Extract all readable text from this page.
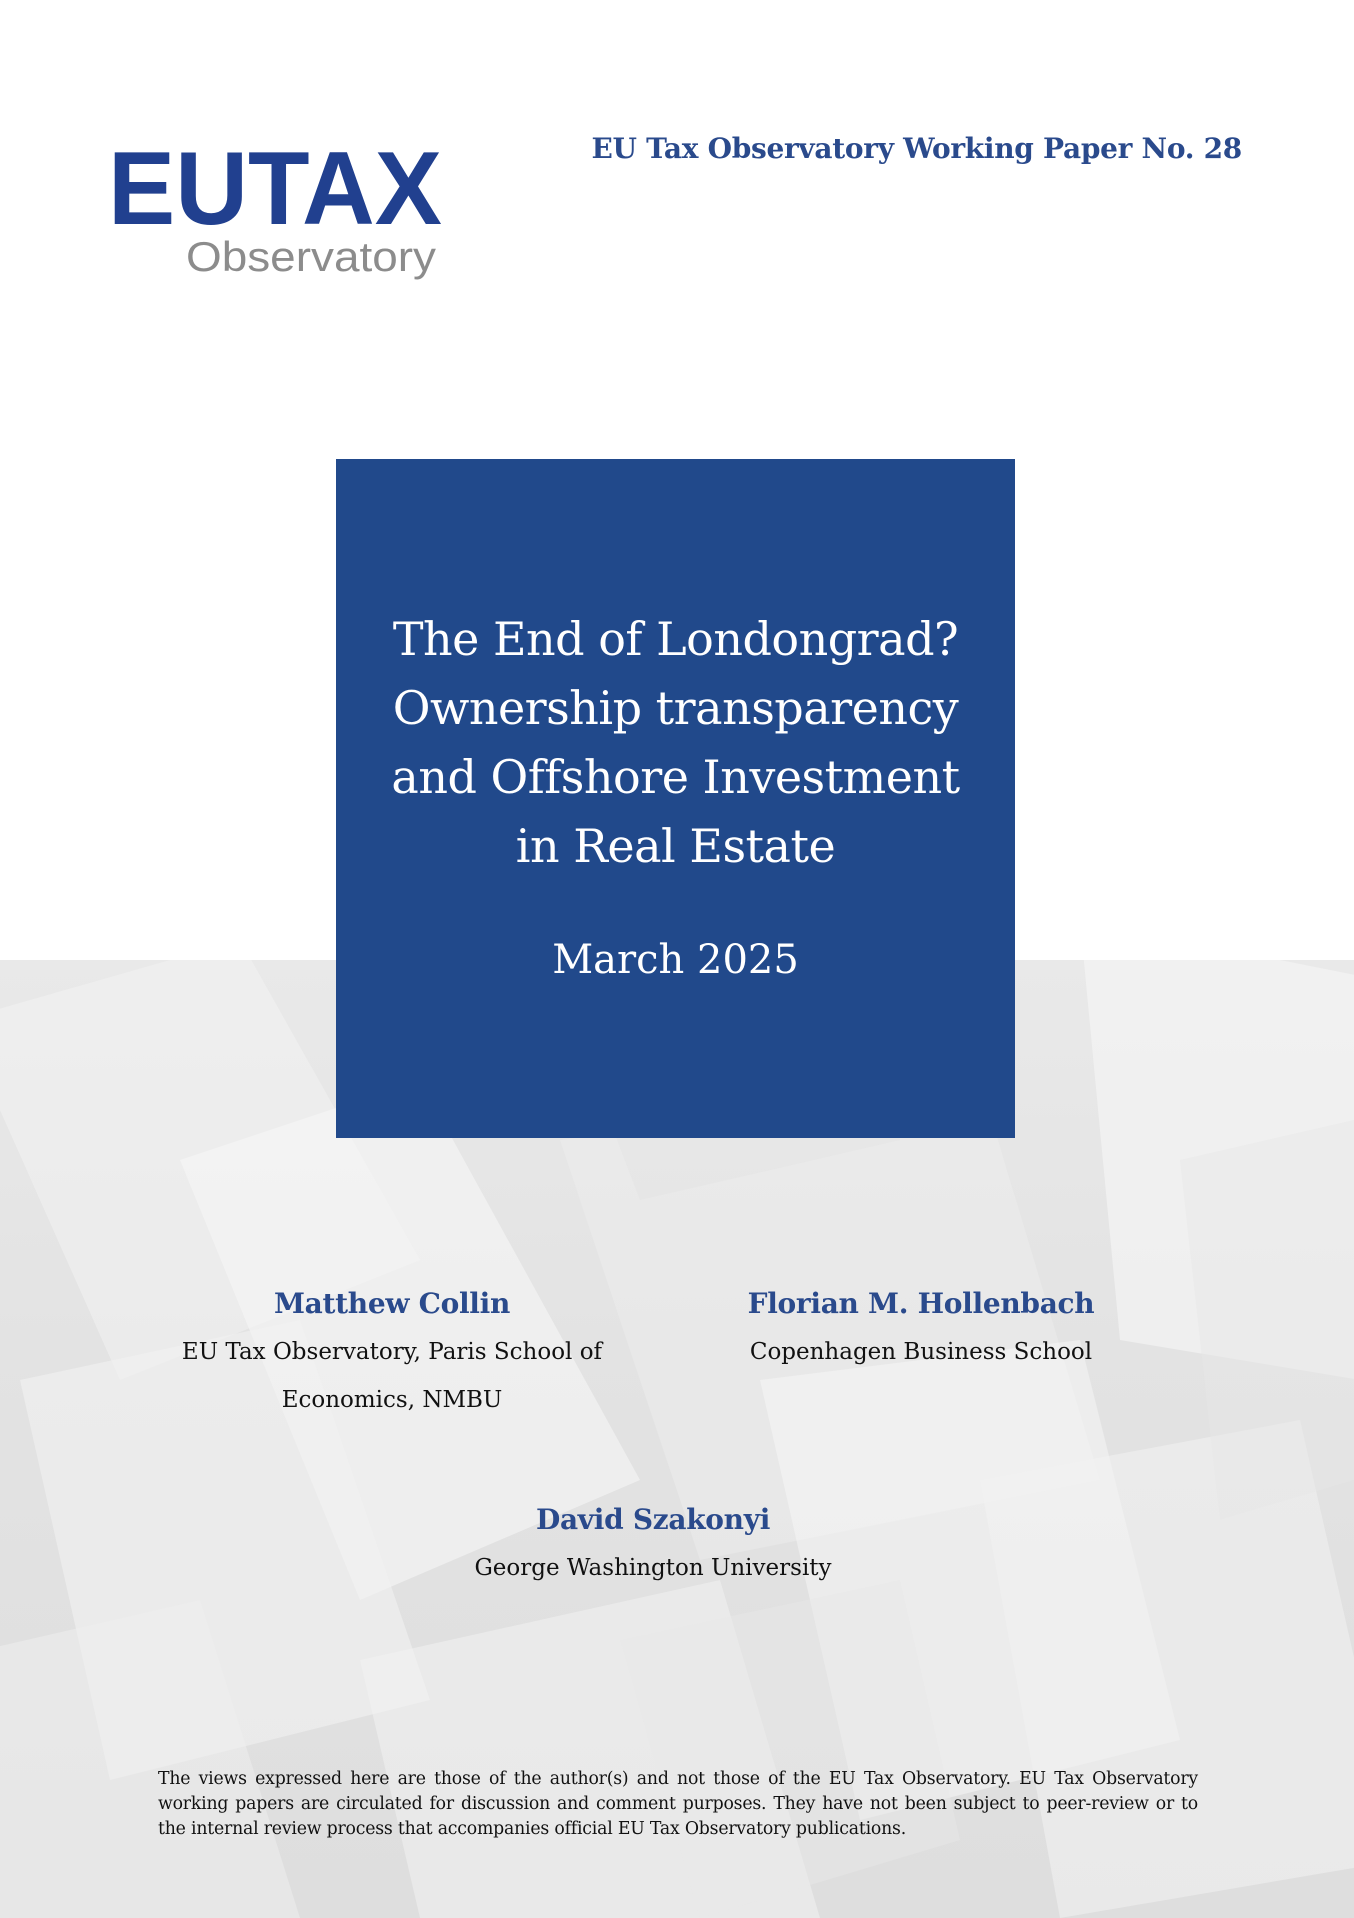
EUTAX
Observatory
EU Tax Observatory Working Paper No. 28
The End of Londongrad?
Ownership transparency
and Offshore Investment
in Real Estate
March 2025
Matthew Collin
EU Tax Observatory, Paris School of
Economics, NMBU
Florian M. Hollenbach
Copenhagen Business School
David Szakonyi
George Washington University
The views expressed here are those of the author(s) and not those of the EU Tax Observatory. EU Tax Observatory working papers are circulated for discussion and comment purposes. They have not been subject to peer-review or to the internal review process that accompanies official EU Tax Observatory publications.
